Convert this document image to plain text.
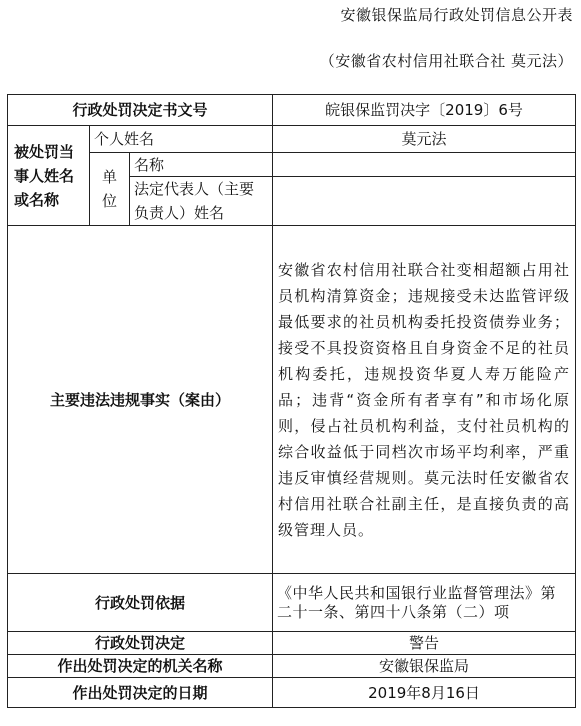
安徽银保监局行政处罚信息公开表
（安徽省农村信用社联合社 莫元法）
行政处罚决定书文号			皖银保监罚决字〔2019〕6号
被处罚当事人姓名或名称	个人姓名		莫元法
	单位	名称	
		法定代表人（主要负责人）姓名	
主要违法违规事实（案由）			安徽省农村信用社联合社变相超额占用社员机构清算资金；违规接受未达监管评级最低要求的社员机构委托投资债券业务；接受不具投资资格且自身资金不足的社员机构委托，违规投资华夏人寿万能险产品；违背“资金所有者享有”和市场化原则，侵占社员机构利益，支付社员机构的综合收益低于同档次市场平均利率，严重违反审慎经营规则。莫元法时任安徽省农村信用社联合社副主任，是直接负责的高级管理人员。
行政处罚依据			《中华人民共和国银行业监督管理法》第二十一条、第四十八条第（二）项
行政处罚决定			警告
作出处罚决定的机关名称			安徽银保监局
作出处罚决定的日期			2019年8月16日
